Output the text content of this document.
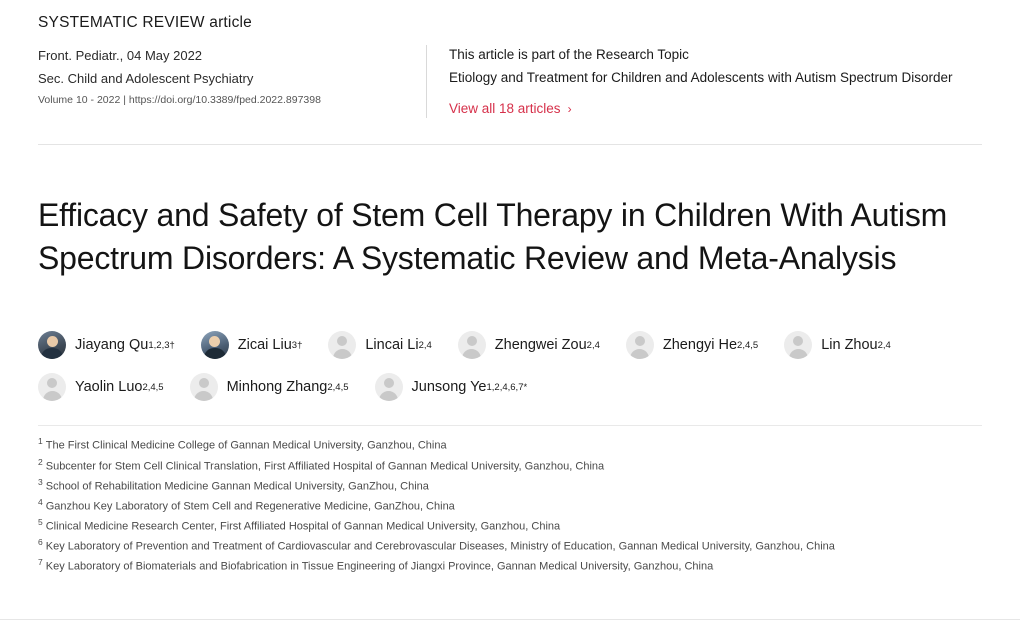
SYSTEMATIC REVIEW article
Front. Pediatr., 04 May 2022
Sec. Child and Adolescent Psychiatry
Volume 10 - 2022 | https://doi.org/10.3389/fped.2022.897398
This article is part of the Research Topic
Etiology and Treatment for Children and Adolescents with Autism Spectrum Disorder
View all 18 articles ›
Efficacy and Safety of Stem Cell Therapy in Children With Autism Spectrum Disorders: A Systematic Review and Meta-Analysis
Jiayang Qu 1,2,3†	Zicai Liu 3†	Lincai Li 2,4	Zhengwei Zou 2,4	Zhengyi He 2,4,5	Lin Zhou 2,4
Yaolin Luo 2,4,5	Minhong Zhang 2,4,5	Junsong Ye 1,2,4,6,7*
$^1$ The First Clinical Medicine College of Gannan Medical University, Ganzhou, China
$^2$ Subcenter for Stem Cell Clinical Translation, First Affiliated Hospital of Gannan Medical University, Ganzhou, China
$^3$ School of Rehabilitation Medicine Gannan Medical University, GanZhou, China
$^4$ Ganzhou Key Laboratory of Stem Cell and Regenerative Medicine, GanZhou, China
$^5$ Clinical Medicine Research Center, First Affiliated Hospital of Gannan Medical University, Ganzhou, China
$^6$ Key Laboratory of Prevention and Treatment of Cardiovascular and Cerebrovascular Diseases, Ministry of Education, Gannan Medical University, Ganzhou, China
$^7$ Key Laboratory of Biomaterials and Biofabrication in Tissue Engineering of Jiangxi Province, Gannan Medical University, Ganzhou, China
